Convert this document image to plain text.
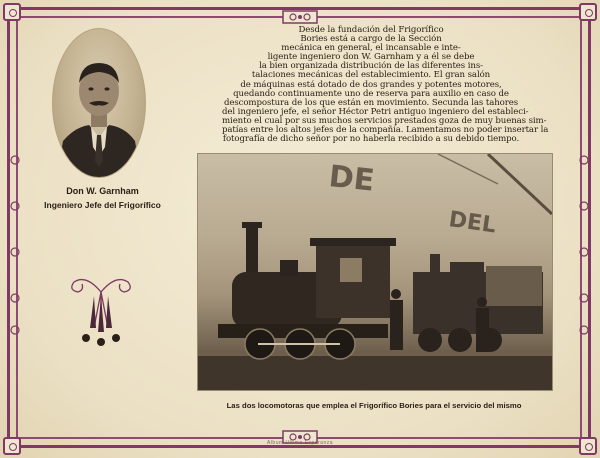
Don W. Garnham
Ingeniero Jefe del Frigorífico

Desde la fundación del Frigorífico

Bories está a cargo de la Sección

mecánica en general, el incansable e inte-

ligente ingeniero don W. Garnham y a él se debe

la bien organizada distribución de las diferentes ins-

talaciones mecánicas del establecimiento. El gran salón

de máquinas está dotado de dos grandes y potentes motores,

quedando continuamente uno de reserva para auxilio en caso de

descompostura de los que están en movimiento. Secunda las tahores

del ingeniero jefe, el señor Héctor Petri antiguo ingeniero del estableci-

miento el cual por sus muchos servicios prestados goza de muy buenas sim-

patías entre los altos jefes de la compañía. Lamentamos no poder insertar la

fotografía de dicho señor por no haberla recibido a su debido tiempo.

DE
DEL
Las dos locomotoras que emplea el Frigorífico Bories para el servicio del mismo
Album Ultima Esperanza
